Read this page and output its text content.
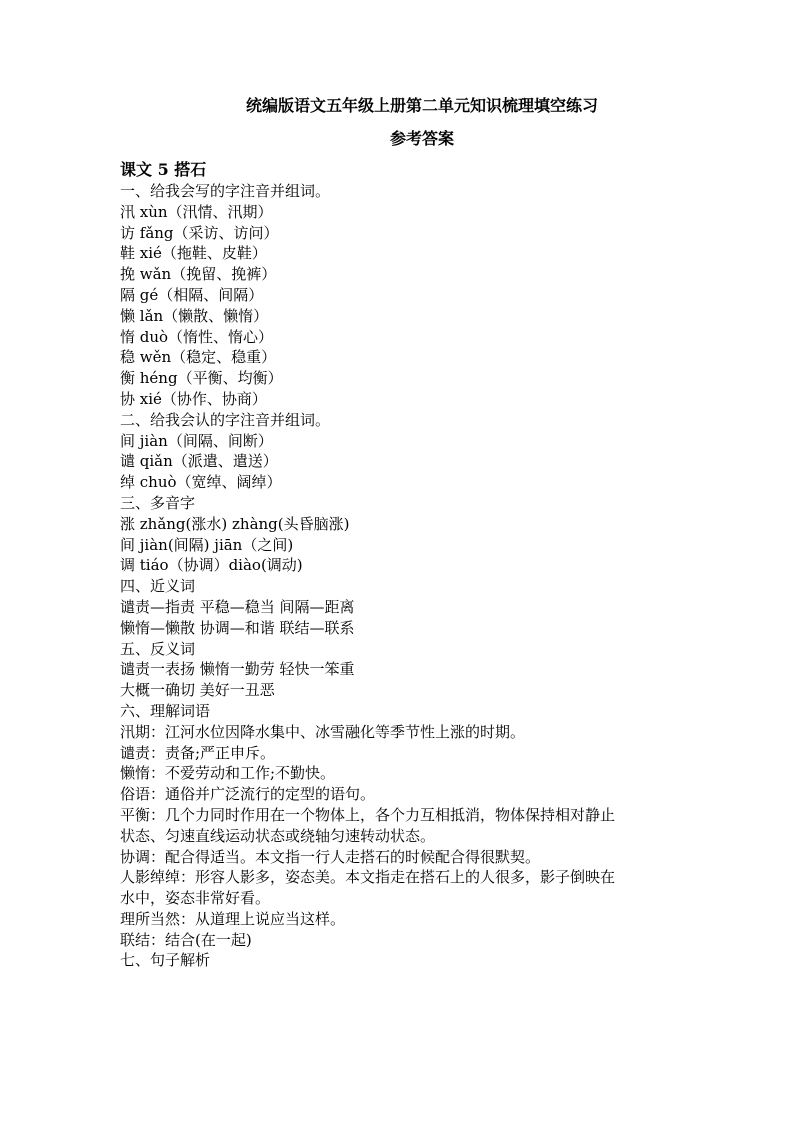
统编版语文五年级上册第二单元知识梳理填空练习
参考答案
课文 5 搭石
一、给我会写的字注音并组词。
汛 xùn（汛情、汛期）
访 fǎng（采访、访问）
鞋 xié（拖鞋、皮鞋）
挽 wǎn（挽留、挽裤）
隔 gé（相隔、间隔）
懒 lǎn（懒散、懒惰）
惰 duò（惰性、惰心）
稳 wěn（稳定、稳重）
衡 héng（平衡、均衡）
协 xié（协作、协商）
二、给我会认的字注音并组词。
间 jiàn（间隔、间断）
谴 qiǎn（派遣、遣送）
绰 chuò（宽绰、阔绰）
三、多音字
涨 zhǎng(涨水) zhàng(头昏脑涨)
间 jiàn(间隔) jiān（之间)
调 tiáo（协调）diào(调动)
四、近义词
谴责—指责 平稳—稳当 间隔—距离
懒惰—懒散 协调—和谐 联结—联系
五、反义词
谴责一表扬 懒惰一勤劳 轻快一笨重
大概一确切 美好一丑恶
六、理解词语
汛期：江河水位因降水集中、冰雪融化等季节性上涨的时期。
谴责：责备;严正申斥。
懒惰：不爱劳动和工作;不勤快。
俗语：通俗并广泛流行的定型的语句。
平衡：几个力同时作用在一个物体上，各个力互相抵消，物体保持相对静止
状态、匀速直线运动状态或绕轴匀速转动状态。
协调：配合得适当。本文指一行人走搭石的时候配合得很默契。
人影绰绰：形容人影多，姿态美。本文指走在搭石上的人很多，影子倒映在
水中，姿态非常好看。
理所当然：从道理上说应当这样。
联结：结合(在一起)
七、句子解析
